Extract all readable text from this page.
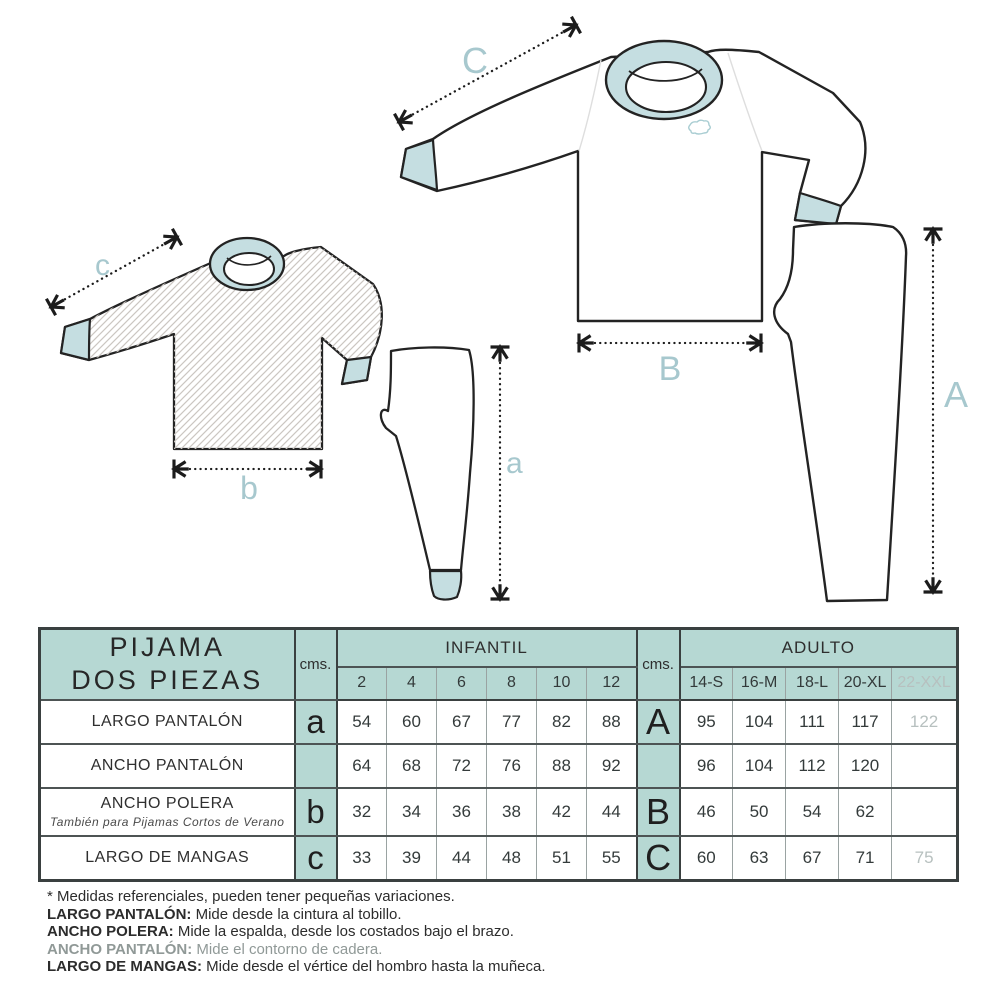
C
B
A
c
b
a
PIJAMA
DOS PIEZAS	cms.	INFANTIL						cms.	ADULTO				
		2	4	6	8	10	12		14-S	16-M	18-L	20-XL	22-XXL
LARGO PANTALÓN	a	54	60	67	77	82	88	A	95	104	111	117	122
ANCHO PANTALÓN		64	68	72	76	88	92		96	104	112	120	

ANCHO POLERA
También para Pijamas Cortos de Verano	b	32	34	36	38	42	44	B	46	50	54	62	
LARGO DE MANGAS	c	33	39	44	48	51	55	C	60	63	67	71	75

* Medidas referenciales, pueden tener pequeñas variaciones.

LARGO PANTALÓN: Mide desde la cintura al tobillo.

ANCHO POLERA: Mide la espalda, desde los costados bajo el brazo.

ANCHO PANTALÓN: Mide el contorno de cadera.

LARGO DE MANGAS: Mide desde el vértice del hombro hasta la muñeca.
